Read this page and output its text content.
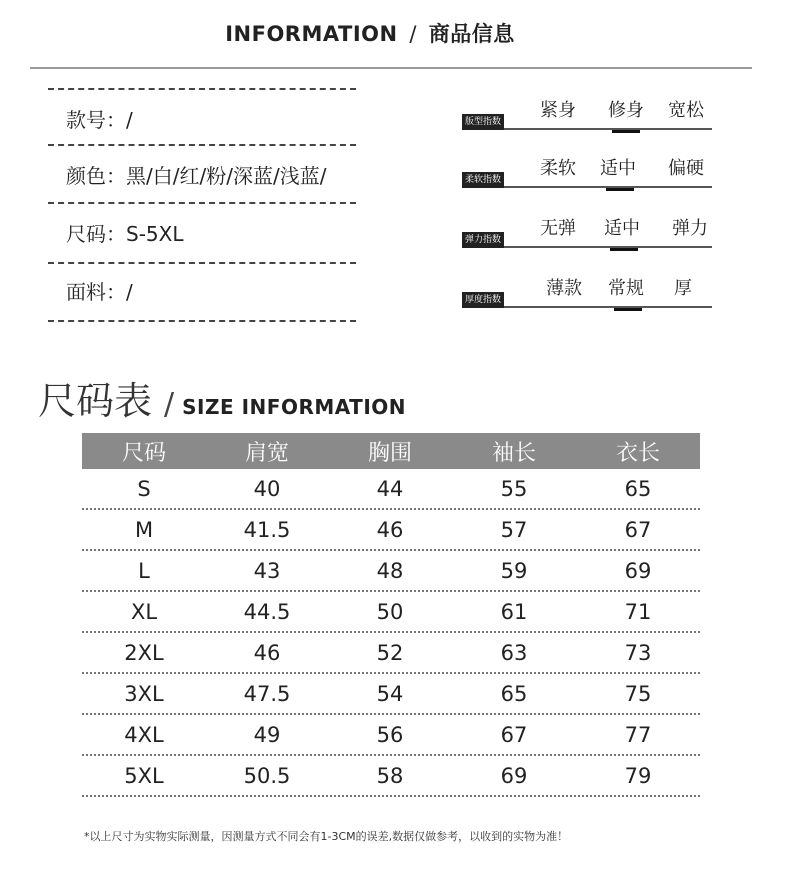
INFORMATION / 商品信息
款号：/
颜色：黑/白/红/粉/深蓝/浅蓝/
尺码：S-5XL
面料：/
版型指数
紧身 修身 宽松
柔软指数
柔软 适中 偏硬
弹力指数
无弹 适中 弹力
厚度指数
薄款 常规 厚
尺码表 / SIZE INFORMATION
尺码	肩宽	胸围	袖长	衣长
S	40	44	55	65
M	41.5	46	57	67
L	43	48	59	69
XL	44.5	50	61	71
2XL	46	52	63	73
3XL	47.5	54	65	75
4XL	49	56	67	77
5XL	50.5	58	69	79
*以上尺寸为实物实际测量，因测量方式不同会有1-3CM的误差,数据仅做参考，以收到的实物为准！
